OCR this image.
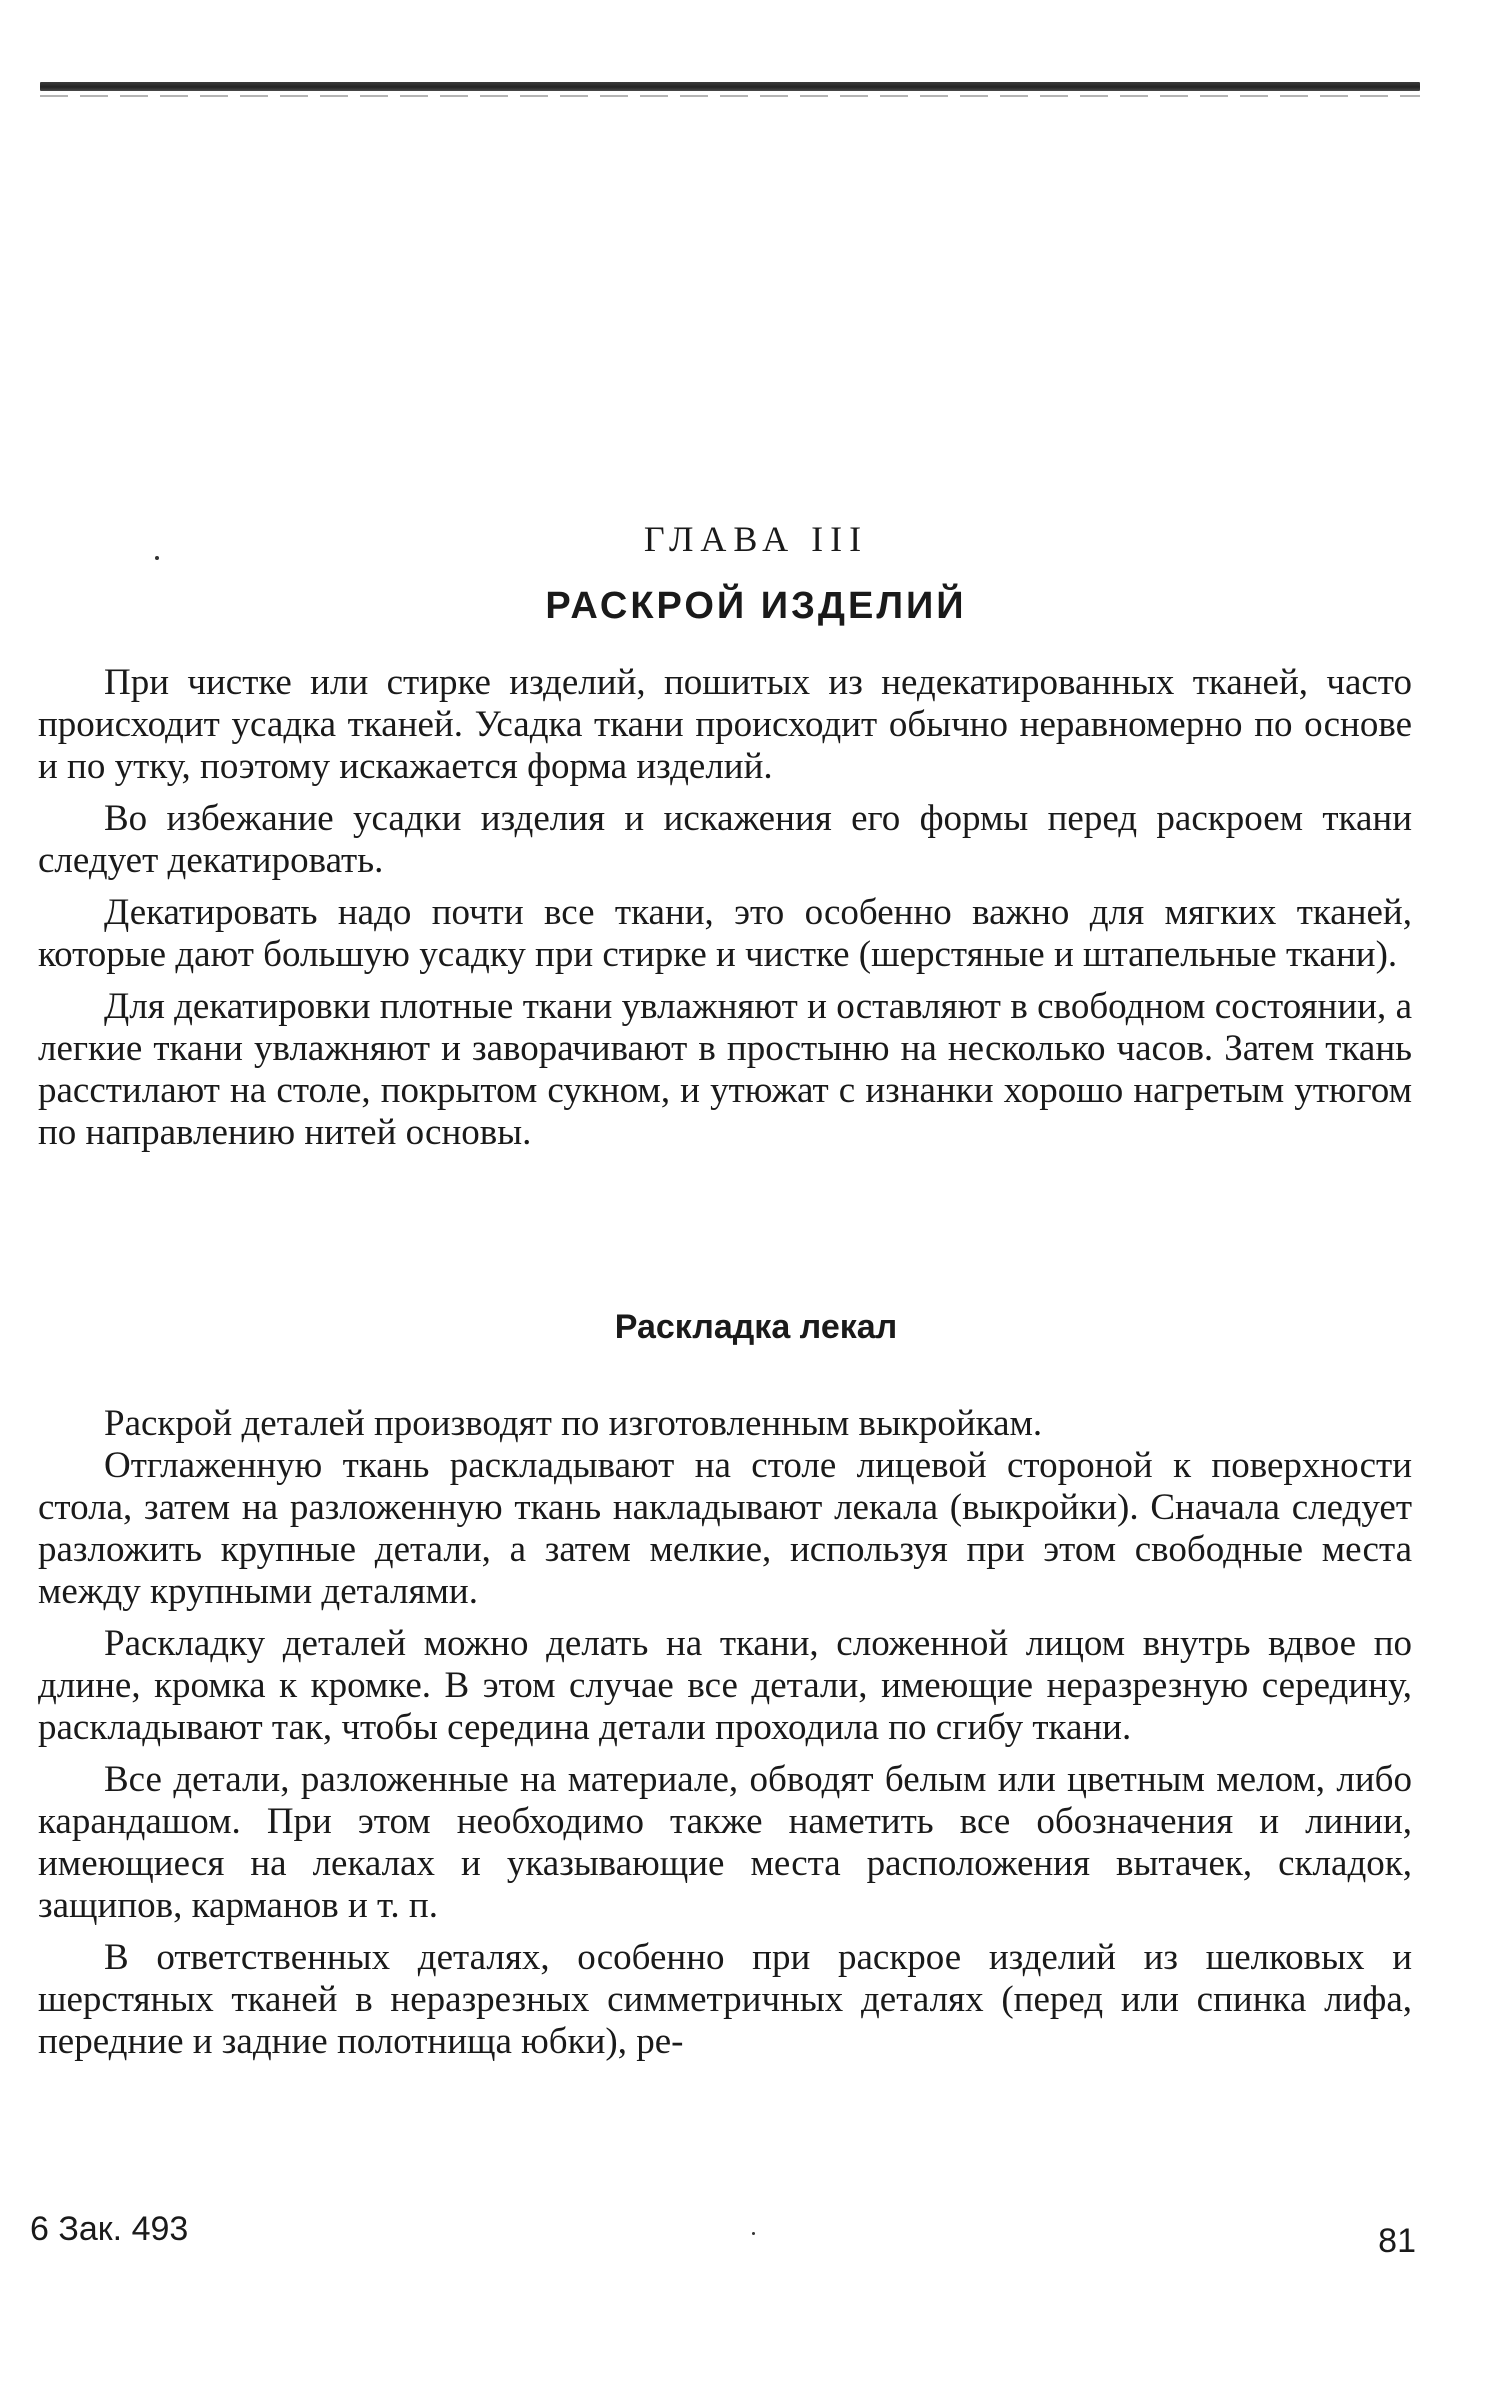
ГЛАВА III
РАСКРОЙ ИЗДЕЛИЙ

При чистке или стирке изделий, пошитых из недекатированных тканей, часто происходит усадка тканей. Усадка ткани происходит обычно неравномерно по основе и по утку, поэтому искажается форма изделий.

Во избежание усадки изделия и искажения его формы перед раскроем ткани следует декатировать.

Декатировать надо почти все ткани, это особенно важно для мягких тканей, которые дают большую усадку при стирке и чистке (шерстяные и штапельные ткани).

Для декатировки плотные ткани увлажняют и оставляют в свободном состоянии, а легкие ткани увлажняют и заворачивают в простыню на несколько часов. Затем ткань расстилают на столе, покрытом сукном, и утюжат с изнанки хорошо нагретым утюгом по направлению нитей основы.

Раскладка лекал

Раскрой деталей производят по изготовленным выкройкам.

Отглаженную ткань раскладывают на столе лицевой стороной к поверхности стола, затем на разложенную ткань накладывают лекала (выкройки). Сначала следует разложить крупные детали, а затем мелкие, используя при этом свободные места между крупными деталями.

Раскладку деталей можно делать на ткани, сложенной лицом внутрь вдвое по длине, кромка к кромке. В этом случае все детали, имеющие неразрезную середину, раскладывают так, чтобы середина детали проходила по сгибу ткани.

Все детали, разложенные на материале, обводят белым или цветным мелом, либо карандашом. При этом необходимо также наметить все обозначения и линии, имеющиеся на лекалах и указывающие места расположения вытачек, складок, защипов, карманов и т. п.

В ответственных деталях, особенно при раскрое изделий из шелковых и шерстяных тканей в неразрезных симметричных деталях (перед или спинка лифа, передние и задние полотнища юбки), ре-

6 Зак. 493	81
